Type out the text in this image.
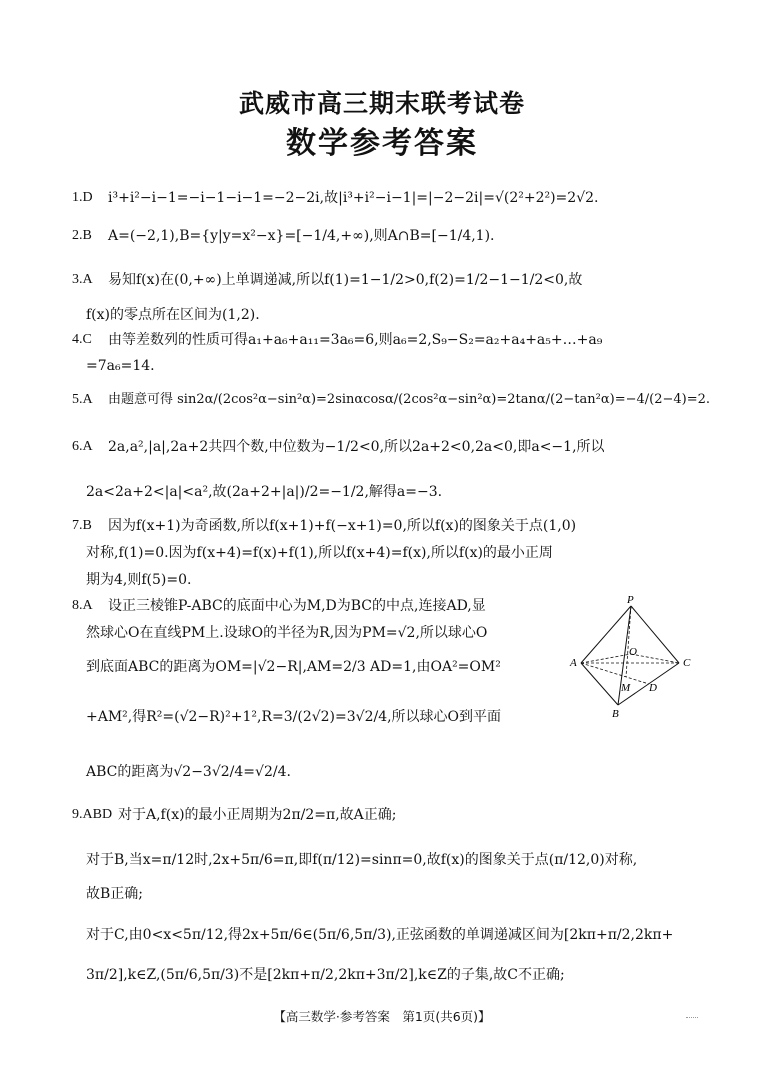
武威市高三期末联考试卷
数学参考答案
1.D i³+i²−i−1=−i−1−i−1=−2−2i,故|i³+i²−i−1|=|−2−2i|=√(2²+2²)=2√2.
2.B A=(−2,1),B={y|y=x²−x}=[−1/4,+∞),则A∩B=[−1/4,1).
3.A 易知f(x)在(0,+∞)上单调递减,所以f(1)=1−1/2>0,f(2)=1/2−1−1/2<0,故
f(x)的零点所在区间为(1,2).
4.C 由等差数列的性质可得a₁+a₆+a₁₁=3a₆=6,则a₆=2,S₉−S₂=a₂+a₄+a₅+…+a₉
=7a₆=14.
5.A 由题意可得 sin2α/(2cos²α−sin²α)=2sinαcosα/(2cos²α−sin²α)=2tanα/(2−tan²α)=−4/(2−4)=2.
6.A 2a,a²,|a|,2a+2共四个数,中位数为−1/2<0,所以2a+2<0,2a<0,即a<−1,所以
2a<2a+2<|a|<a²,故(2a+2+|a|)/2=−1/2,解得a=−3.
7.B 因为f(x+1)为奇函数,所以f(x+1)+f(−x+1)=0,所以f(x)的图象关于点(1,0)
对称,f(1)=0.因为f(x+4)=f(x)+f(1),所以f(x+4)=f(x),所以f(x)的最小正周
期为4,则f(5)=0.
8.A 设正三棱锥P-ABC的底面中心为M,D为BC的中点,连接AD,显
然球心O在直线PM上.设球O的半径为R,因为PM=√2,所以球心O
到底面ABC的距离为OM=|√2−R|,AM=2/3 AD=1,由OA²=OM²
+AM²,得R²=(√2−R)²+1²,R=3/(2√2)=3√2/4,所以球心O到平面
ABC的距离为√2−3√2/4=√2/4.
9.ABD 对于A,f(x)的最小正周期为2π/2=π,故A正确;
对于B,当x=π/12时,2x+5π/6=π,即f(π/12)=sinπ=0,故f(x)的图象关于点(π/12,0)对称,
故B正确;
对于C,由0<x<5π/12,得2x+5π/6∈(5π/6,5π/3),正弦函数的单调递减区间为[2kπ+π/2,2kπ+
3π/2],k∈Z,(5π/6,5π/3)不是[2kπ+π/2,2kπ+3π/2],k∈Z的子集,故C不正确;
P
A
B
C
O
M D
【高三数学·参考答案　第1页(共6页)】
